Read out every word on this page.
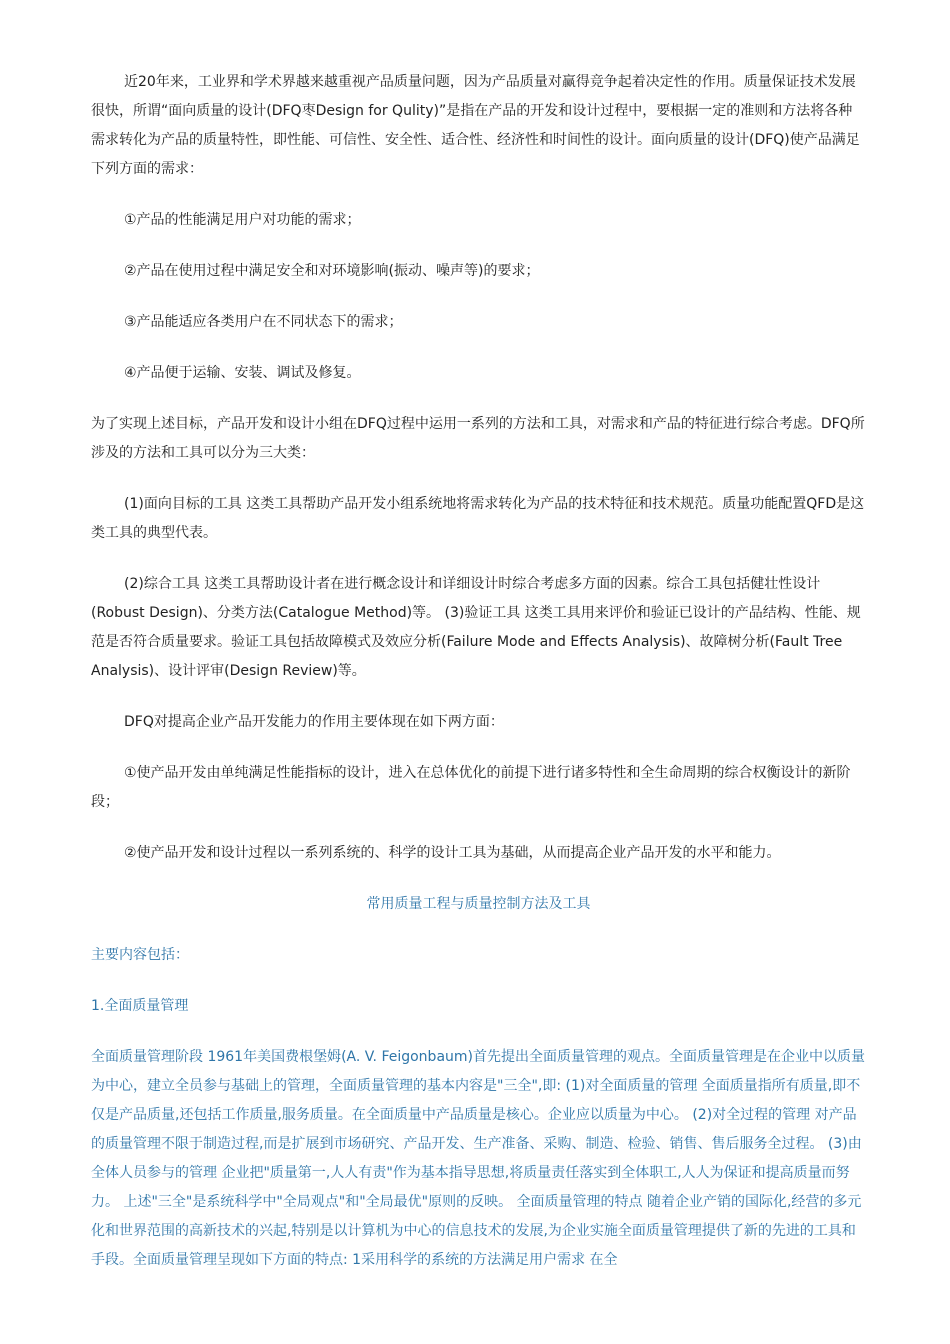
近20年来，工业界和学术界越来越重视产品质量问题，因为产品质量对赢得竞争起着决定性的作用。质量保证技术发展很快，所谓“面向质量的设计(DFQ枣Design for Qulity)”是指在产品的开发和设计过程中，要根据一定的准则和方法将各种需求转化为产品的质量特性，即性能、可信性、安全性、适合性、经济性和时间性的设计。面向质量的设计(DFQ)使产品满足下列方面的需求：

①产品的性能满足用户对功能的需求；

②产品在使用过程中满足安全和对环境影响(振动、噪声等)的要求；

③产品能适应各类用户在不同状态下的需求；

④产品便于运输、安装、调试及修复。

为了实现上述目标，产品开发和设计小组在DFQ过程中运用一系列的方法和工具，对需求和产品的特征进行综合考虑。DFQ所涉及的方法和工具可以分为三大类：

(1)面向目标的工具 这类工具帮助产品开发小组系统地将需求转化为产品的技术特征和技术规范。质量功能配置QFD是这类工具的典型代表。

(2)综合工具 这类工具帮助设计者在进行概念设计和详细设计时综合考虑多方面的因素。综合工具包括健壮性设计(Robust Design)、分类方法(Catalogue Method)等。 (3)验证工具 这类工具用来评价和验证已设计的产品结构、性能、规范是否符合质量要求。验证工具包括故障模式及效应分析(Failure Mode and Effects Analysis)、故障树分析(Fault Tree Analysis)、设计评审(Design Review)等。

DFQ对提高企业产品开发能力的作用主要体现在如下两方面：

①使产品开发由单纯满足性能指标的设计，进入在总体优化的前提下进行诸多特性和全生命周期的综合权衡设计的新阶段；

②使产品开发和设计过程以一系列系统的、科学的设计工具为基础，从而提高企业产品开发的水平和能力。

常用质量工程与质量控制方法及工具

主要内容包括：

1.全面质量管理

全面质量管理阶段 1961年美国费根堡姆(A. V. Feigonbaum)首先提出全面质量管理的观点。全面质量管理是在企业中以质量为中心，建立全员参与基础上的管理，全面质量管理的基本内容是"三全",即: (1)对全面质量的管理 全面质量指所有质量,即不仅是产品质量,还包括工作质量,服务质量。在全面质量中产品质量是核心。企业应以质量为中心。 (2)对全过程的管理 对产品的质量管理不限于制造过程,而是扩展到市场研究、产品开发、生产准备、采购、制造、检验、销售、售后服务全过程。 (3)由全体人员参与的管理 企业把"质量第一,人人有责"作为基本指导思想,将质量责任落实到全体职工,人人为保证和提高质量而努力。 上述"三全"是系统科学中"全局观点"和"全局最优"原则的反映。 全面质量管理的特点 随着企业产销的国际化,经营的多元化和世界范围的高新技术的兴起,特别是以计算机为中心的信息技术的发展,为企业实施全面质量管理提供了新的先进的工具和手段。全面质量管理呈现如下方面的特点: 1采用科学的系统的方法满足用户需求 在全
